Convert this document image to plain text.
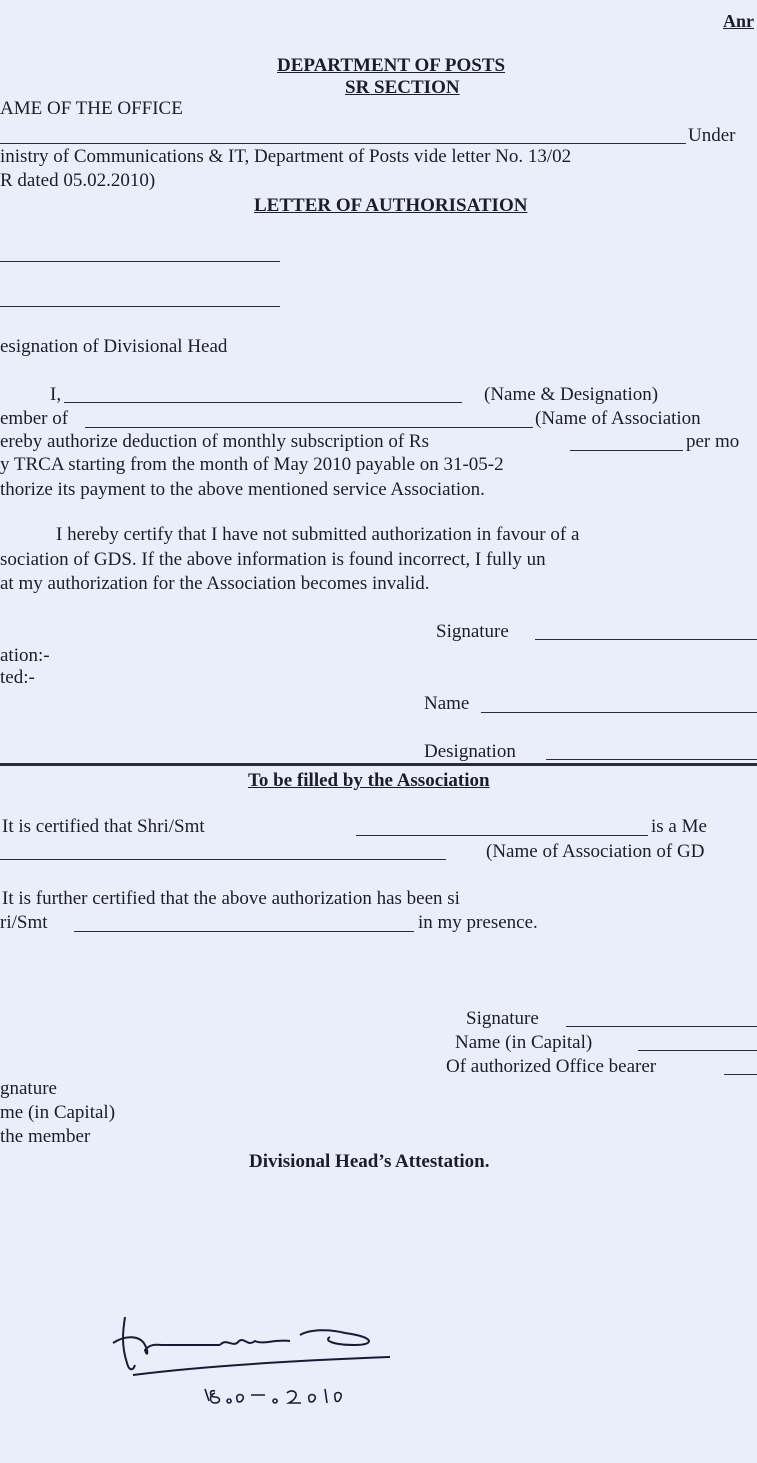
Anr
DEPARTMENT OF POSTS
SR SECTION
AME OF THE OFFICE
Under
inistry of Communications & IT, Department of Posts vide letter No. 13/02
R dated 05.02.2010)
LETTER OF AUTHORISATION
esignation of Divisional Head
I,	(Name & Designation)
ember of	(Name of Association
ereby authorize deduction of monthly subscription of Rs	per mo
y TRCA starting from the month of May 2010 payable on 31-05-2
thorize its payment to the above mentioned service Association.
I hereby certify that I have not submitted authorization in favour of a
sociation of GDS. If the above information is found incorrect, I fully un
at my authorization for the Association becomes invalid.
Signature
ation:-
ted:-
Name
Designation
To be filled by the Association
It is certified that Shri/Smt	is a Me
(Name of Association of GD
It is further certified that the above authorization has been si
ri/Smt	in my presence.
Signature
Name (in Capital)
Of authorized Office bearer
gnature
me (in Capital)
the member
Divisional Head’s Attestation.
